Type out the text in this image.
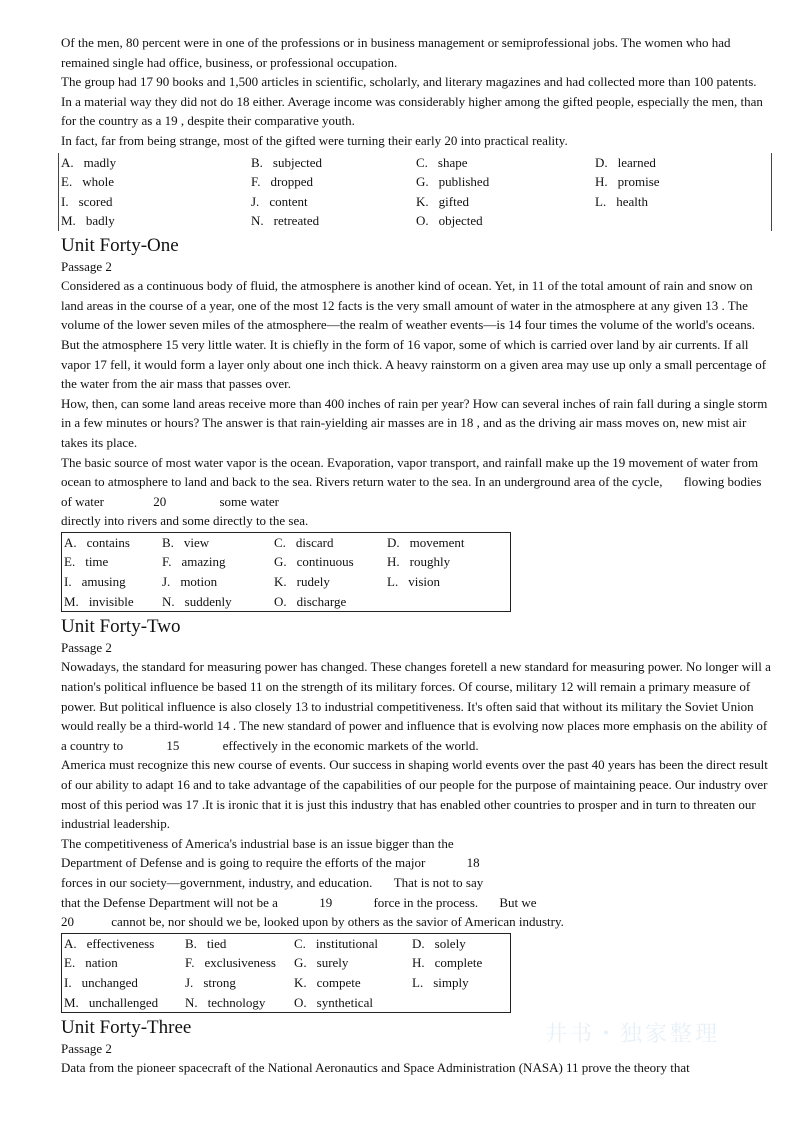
井书・独家整理

Of the men, 80 percent were in one of the professions or in business management or semiprofessional jobs. The women who had remained single had office, business, or professional occupation.

The group had 17 90 books and 1,500 articles in scientific, scholarly, and literary magazines and had collected more than 100 patents.

In a material way they did not do 18 either. Average income was considerably higher among the gifted people, especially the men, than for the country as a 19 , despite their comparative youth.

In fact, far from being strange, most of the gifted were turning their early 20 into practical reality.

A. madly	B. subjected	C. shape	D. learned
E. whole	F. dropped	G. published	H. promise
I. scored	J. content	K. gifted	L. health
M. badly	N. retreated	O. objected
Unit Forty-One

Passage 2

Considered as a continuous body of fluid, the atmosphere is another kind of ocean. Yet, in 11 of the total amount of rain and snow on land areas in the course of a year, one of the most 12 facts is the very small amount of water in the atmosphere at any given 13 . The volume of the lower seven miles of the atmosphere—the realm of weather events—is 14 four times the volume of the world's oceans. But the atmosphere 15 very little water. It is chiefly in the form of 16 vapor, some of which is carried over land by air currents. If all vapor 17 fell, it would form a layer only about one inch thick. A heavy rainstorm on a given area may use up only a small percentage of the water from the air mass that passes over.

How, then, can some land areas receive more than 400 inches of rain per year? How can several inches of rain fall during a single storm in a few minutes or hours? The answer is that rain-yielding air masses are in 18 , and as the driving air mass moves on, new mist air takes its place.

The basic source of most water vapor is the ocean. Evaporation, vapor transport, and rainfall make up the 19 movement of water from ocean to atmosphere to land and back to the sea. Rivers return water to the sea. In an underground area of the cycle, flowing bodies of water	20	some water

directly into rivers and some directly to the sea.

A. contains B. view	C. discard	D. movement
E. time	F. amazing	G. continuous	H. roughly
I. amusing	J. motion	K. rudely	L. vision
M. invisible N. suddenly	O. discharge
Unit Forty-Two

Passage 2

Nowadays, the standard for measuring power has changed. These changes foretell a new standard for measuring power. No longer will a nation's political influence be based 11 on the strength of its military forces. Of course, military 12 will remain a primary measure of power. But political influence is also closely 13 to industrial competitiveness. It's often said that without its military the Soviet Union would really be a third-world 14 . The new standard of power and influence that is evolving now places more emphasis on the ability of a country to	15	effectively in the economic markets of the world.

America must recognize this new course of events. Our success in shaping world events over the past 40 years has been the direct result of our ability to adapt 16 and to take advantage of the capabilities of our people for the purpose of maintaining peace. Our industry over most of this period was 17 .It is ironic that it is just this industry that has enabled other countries to prosper and in turn to threaten our industrial leadership.

The competitiveness of America's industrial base is an issue bigger than the

Department of Defense and is going to require the efforts of the major	18

forces in our society—government, industry, and education. That is not to say

that the Defense Department will not be a	19	force in the process. But we

20	cannot be, nor should we be, looked upon by others as the savior of American industry.

A. effectiveness B. tied	C. institutional	D. solely
E. nation	F. exclusiveness G. surely	H. complete
I. unchanged	J. strong	K. compete	L. simply
M. unchallenged N. technology O. synthetical
Unit Forty-Three

Passage 2

Data from the pioneer spacecraft of the National Aeronautics and Space Administration (NASA) 11 prove the theory that
